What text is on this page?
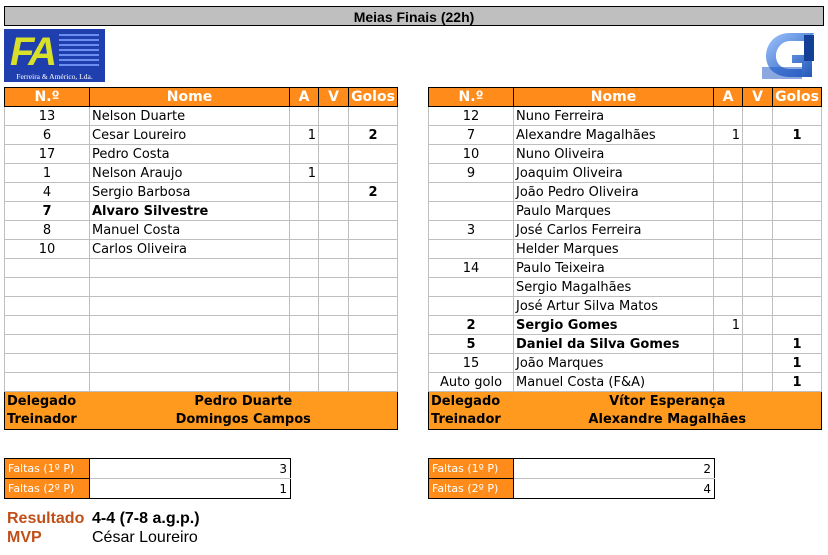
Meias Finais (22h)
FA
Ferreira & Américo, Lda.
N.º	Nome	A	V	Golos
13	Nelson Duarte			
6	Cesar Loureiro	1		2
17	Pedro Costa			
1	Nelson Araujo	1		
4	Sergio Barbosa			2
7	Alvaro Silvestre			
8	Manuel Costa			
10	Carlos Oliveira			

Delegado	Pedro Duarte			
Treinador	Domingos Campos			
N.º	Nome	A	V	Golos
12	Nuno Ferreira			
7	Alexandre Magalhães	1		1
10	Nuno Oliveira			
9	Joaquim Oliveira			
	João Pedro Oliveira			
	Paulo Marques			
3	José Carlos Ferreira			
	Helder Marques			
14	Paulo Teixeira			
	Sergio Magalhães			
	José Artur Silva Matos			
2	Sergio Gomes	1		
5	Daniel da Silva Gomes			1
15	João Marques			1
Auto golo	Manuel Costa (F&A)			1
Delegado	Vítor Esperança			
Treinador	Alexandre Magalhães			
Faltas (1º P)	3
Faltas (2º P)	1
Faltas (1º P)	2
Faltas (2º P)	4
Resultado 4-4 (7-8 a.g.p.)
MVP	César Loureiro
